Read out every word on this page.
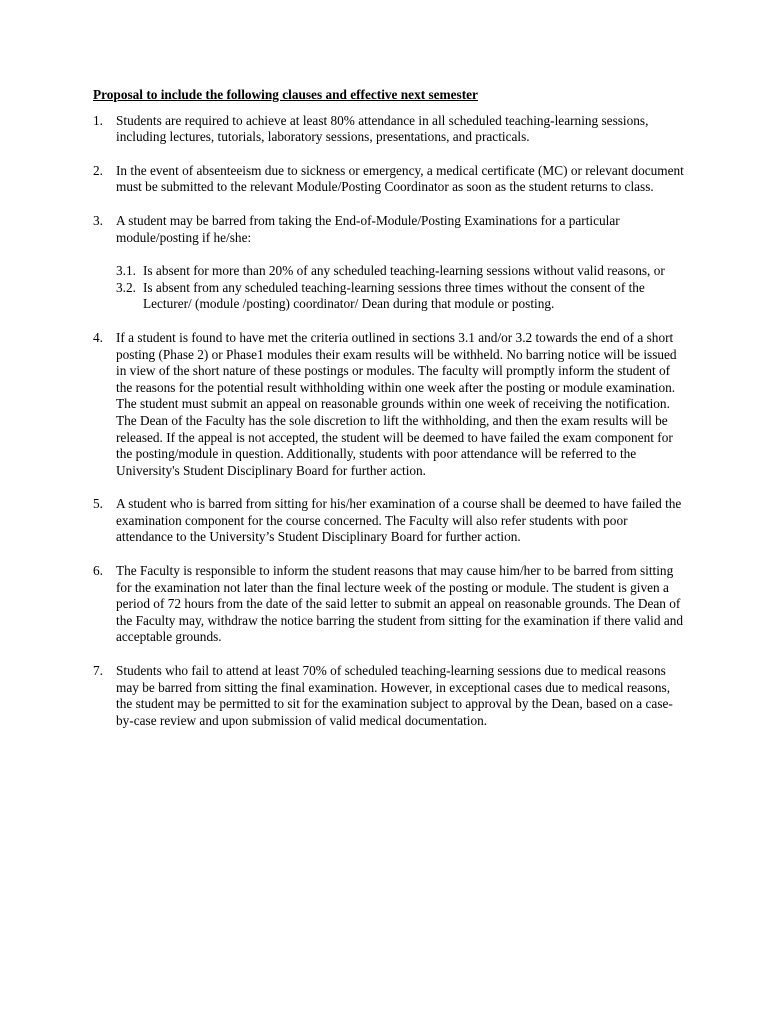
Proposal to include the following clauses and effective next semester
1. Students are required to achieve at least 80% attendance in all scheduled teaching-learning sessions, including lectures, tutorials, laboratory sessions, presentations, and practicals.

2. In the event of absenteeism due to sickness or emergency, a medical certificate (MC) or relevant document must be submitted to the relevant Module/Posting Coordinator as soon as the student returns to class.

3. A student may be barred from taking the End-of-Module/Posting Examinations for a particular module/posting if he/she:

3.1. Is absent for more than 20% of any scheduled teaching-learning sessions without valid reasons, or
3.2. Is absent from any scheduled teaching-learning sessions three times without the consent of the Lecturer/ (module /posting) coordinator/ Dean during that module or posting.
4. If a student is found to have met the criteria outlined in sections 3.1 and/or 3.2 towards the end of a short posting (Phase 2) or Phase1 modules their exam results will be withheld. No barring notice will be issued in view of the short nature of these postings or modules. The faculty will promptly inform the student of the reasons for the potential result withholding within one week after the posting or module examination. The student must submit an appeal on reasonable grounds within one week of receiving the notification. The Dean of the Faculty has the sole discretion to lift the withholding, and then the exam results will be released. If the appeal is not accepted, the student will be deemed to have failed the exam component for the posting/module in question. Additionally, students with poor attendance will be referred to the University's Student Disciplinary Board for further action.

5. A student who is barred from sitting for his/her examination of a course shall be deemed to have failed the examination component for the course concerned. The Faculty will also refer students with poor attendance to the University’s Student Disciplinary Board for further action.

6. The Faculty is responsible to inform the student reasons that may cause him/her to be barred from sitting for the examination not later than the final lecture week of the posting or module. The student is given a period of 72 hours from the date of the said letter to submit an appeal on reasonable grounds. The Dean of the Faculty may, withdraw the notice barring the student from sitting for the examination if there valid and acceptable grounds.

7. Students who fail to attend at least 70% of scheduled teaching-learning sessions due to medical reasons may be barred from sitting the final examination. However, in exceptional cases due to medical reasons, the student may be permitted to sit for the examination subject to approval by the Dean, based on a case-by-case review and upon submission of valid medical documentation.
